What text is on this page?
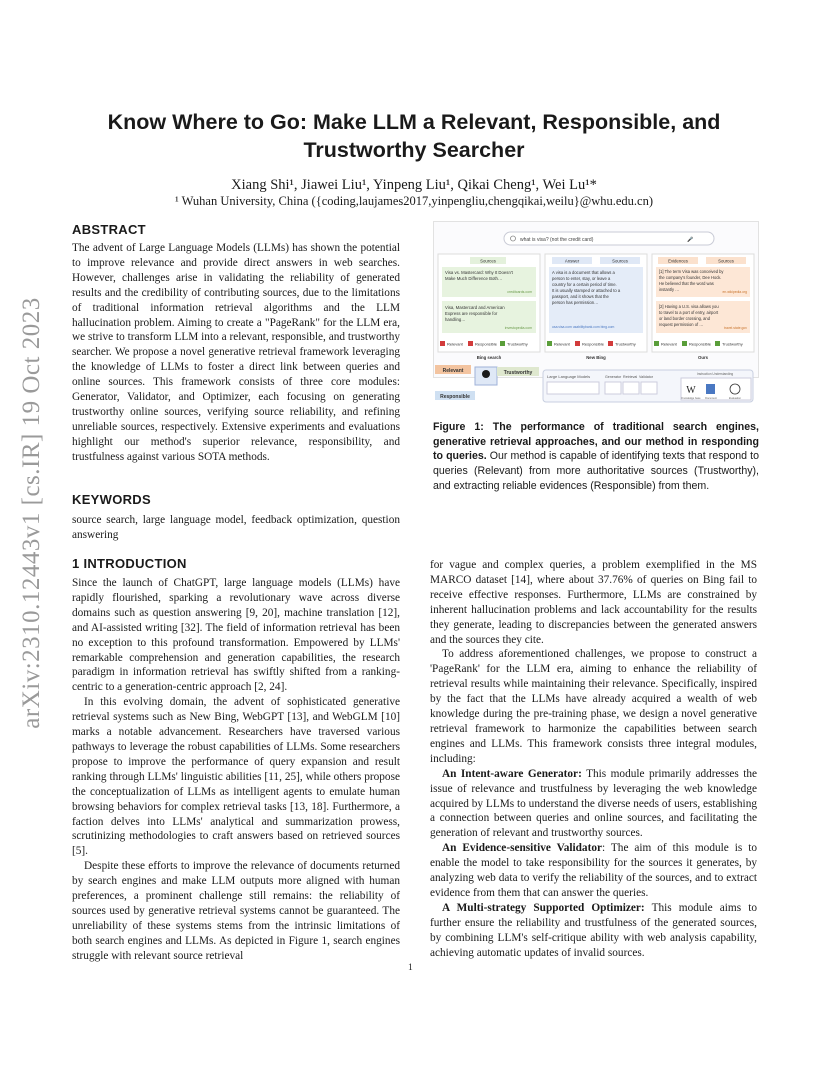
arXiv:2310.12443v1 [cs.IR] 19 Oct 2023
Know Where to Go: Make LLM a Relevant, Responsible, and
Trustworthy Searcher
Xiang Shi¹, Jiawei Liu¹, Yinpeng Liu¹, Qikai Cheng¹, Wei Lu¹*
¹ Wuhan University, China ({coding,laujames2017,yinpengliu,chengqikai,weilu}@whu.edu.cn)
ABSTRACT

The advent of Large Language Models (LLMs) has shown the potential to improve relevance and provide direct answers in web searches. However, challenges arise in validating the reliability of generated results and the credibility of contributing sources, due to the limitations of traditional information retrieval algorithms and the LLM hallucination problem. Aiming to create a "PageRank" for the LLM era, we strive to transform LLM into a relevant, responsible, and trustworthy searcher. We propose a novel generative retrieval framework leveraging the knowledge of LLMs to foster a direct link between queries and online sources. This framework consists of three core modules: Generator, Validator, and Optimizer, each focusing on generating trustworthy online sources, verifying source reliability, and refining unreliable sources, respectively. Extensive experiments and evaluations highlight our method's superior relevance, responsibility, and trustfulness against various SOTA methods.

KEYWORDS

source search, large language model, feedback optimization, question answering

1 INTRODUCTION

Since the launch of ChatGPT, large language models (LLMs) have rapidly flourished, sparking a revolutionary wave across diverse domains such as question answering [9, 20], machine translation [12], and AI-assisted writing [32]. The field of information retrieval has been no exception to this profound transformation. Empowered by LLMs' remarkable comprehension and generation capabilities, the research paradigm in information retrieval has swiftly shifted from a ranking-centric to a generation-centric approach [2, 24].

In this evolving domain, the advent of sophisticated generative retrieval systems such as New Bing, WebGPT [13], and WebGLM [10] marks a notable advancement. Researchers have traversed various pathways to leverage the robust capabilities of LLMs. Some researchers propose to improve the performance of query expansion and result ranking through LLMs' linguistic abilities [11, 25], while others propose the conceptualization of LLMs as intelligent agents to emulate human browsing behaviors for complex retrieval tasks [13, 18]. Furthermore, a faction delves into LLMs' analytical and summarization prowess, scrutinizing methodologies to craft answers based on retrieved sources [5].

Despite these efforts to improve the relevance of documents returned by search engines and make LLM outputs more aligned with human preferences, a prominent challenge still remains: the reliability of sources used by generative retrieval systems cannot be guaranteed. The unreliability of these systems stems from the intrinsic limitations of both search engines and LLMs. As depicted in Figure 1, search engines struggle with relevant source retrieval

what is visa? (not the credit card)	🎤
Sources
Visa vs. Mastercard: Why It Doesn't Make Much Difference Both…
creditcards.com
Visa, Mastercard and American Express are responsible for handling…
investopedia.com
Relevant	Responsible Trustworthy
Bing search
Answer	Sources
A visa is a document that allows a person to enter, stay, or leave a country for a certain period of time. It is usually stamped or attached to a passport, and it shows that the person has permission…
usa.visa.com usabilitybank.com bing.com
Relevant	Responsible	Trustworthy
New Bing
Evidences	Sources
[1] The term Visa was conceived by the company's founder, Dee Hock. He believed that the word was instantly …	en.wikipedia.org
[2] Having a U.S. visa allows you to travel to a port of entry, airport or land border crossing, and request permission of …
travel.state.gov
Relevant	Responsible	Trustworthy
Ours
Relevant	Trustworthy
Responsible
Large Language Models	Generator Retrieval Validator
Instruction Understanding
W
Knowledge base Document	Evaluation
Figure 1: The performance of traditional search engines, generative retrieval approaches, and our method in responding to queries. Our method is capable of identifying texts that respond to queries (Relevant) from more authoritative sources (Trustworthy), and extracting reliable evidences (Responsible) from them.

for vague and complex queries, a problem exemplified in the MS MARCO dataset [14], where about 37.76% of queries on Bing fail to receive effective responses. Furthermore, LLMs are constrained by inherent hallucination problems and lack accountability for the results they generate, leading to discrepancies between the generated answers and the sources they cite.

To address aforementioned challenges, we propose to construct a 'PageRank' for the LLM era, aiming to enhance the reliability of retrieval results while maintaining their relevance. Specifically, inspired by the fact that the LLMs have already acquired a wealth of web knowledge during the pre-training phase, we design a novel generative retrieval framework to harmonize the capabilities between search engines and LLMs. This framework consists three integral modules, including:

An Intent-aware Generator: This module primarily addresses the issue of relevance and trustfulness by leveraging the web knowledge acquired by LLMs to understand the diverse needs of users, establishing a connection between queries and online sources, and facilitating the generation of relevant and trustworthy sources.

An Evidence-sensitive Validator: The aim of this module is to enable the model to take responsibility for the sources it generates, by analyzing web data to verify the reliability of the sources, and to extract evidence from them that can answer the queries.

A Multi-strategy Supported Optimizer: This module aims to further ensure the reliability and trustfulness of the generated sources, by combining LLM's self-critique ability with web analysis capability, achieving automatic updates of invalid sources.

1
